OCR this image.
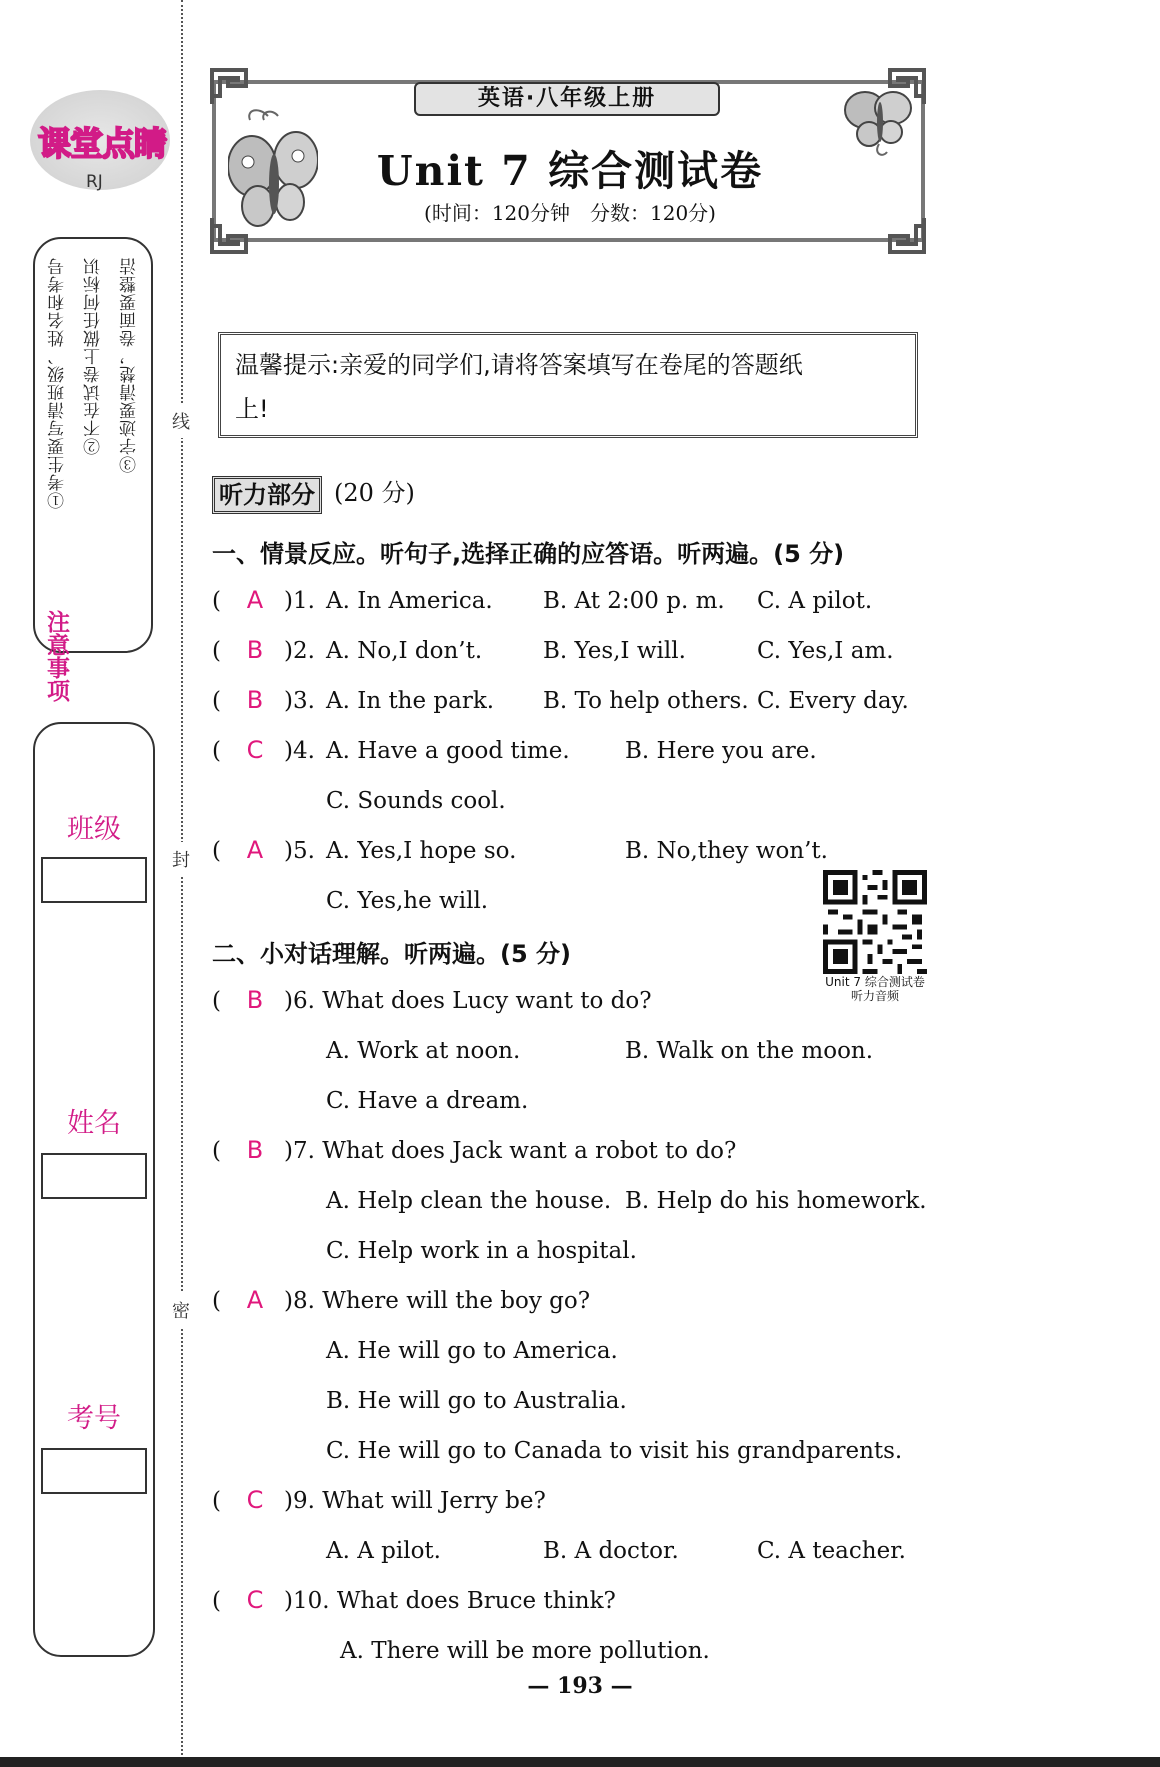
课堂点睛
RJ
注意事项
①考生要写清班级、姓名和考号 ②不在试卷上做任何标识 ③字迹要清楚，卷面要整洁
班级
姓名
考号
线
封
密
英语·八年级上册
Unit 7 综合测试卷
(时间：120分钟　分数：120分)
温馨提示:亲爱的同学们,请将答案填写在卷尾的答题纸
上!
听力部分 (20 分)
一、情景反应。听句子,选择正确的应答语。听两遍。(5 分)
(	A )1. A. In America. B. At 2:00 p. m. C. A pilot.
(	B )2. A. No,I don’t.	B. Yes,I will.	C. Yes,I am.
(	B )3. A. In the park. B. To help others. C. Every day.
(	C )4. A. Have a good time. B. Here you are.
C. Sounds cool.
(	A )5. A. Yes,I hope so.	B. No,they won’t.
C. Yes,he will.
Unit 7 综合测试卷
听力音频
二、小对话理解。听两遍。(5 分)
(	B )6. What does Lucy want to do?
A. Work at noon.	B. Walk on the moon.
C. Have a dream.
(	B )7. What does Jack want a robot to do?
A. Help clean the house. B. Help do his homework.
C. Help work in a hospital.
(	A )8. Where will the boy go?
A. He will go to America.
B. He will go to Australia.
C. He will go to Canada to visit his grandparents.
(	C )9. What will Jerry be?
A. A pilot.	B. A doctor.	C. A teacher.
(	C )10. What does Bruce think?
A. There will be more pollution.
— 193 —
